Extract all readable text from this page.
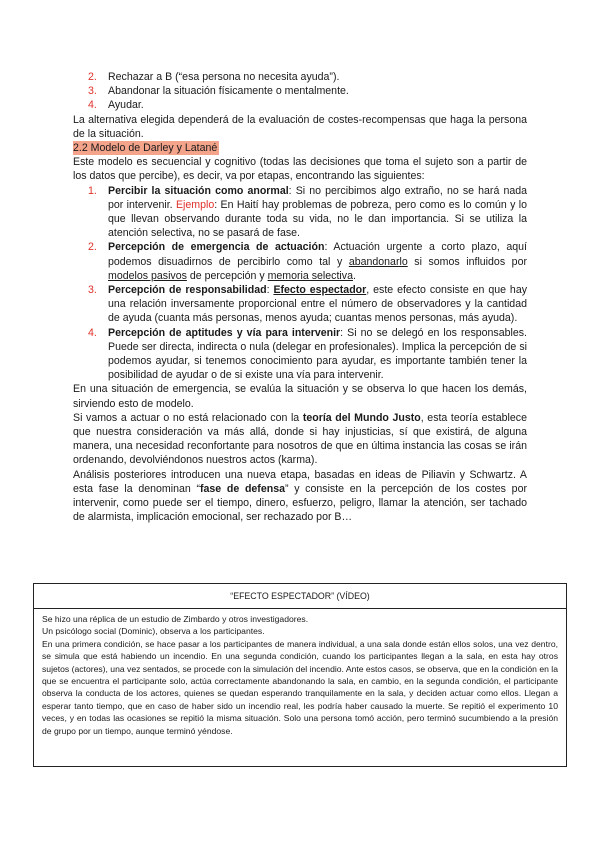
2. Rechazar a B (“esa persona no necesita ayuda”).
3. Abandonar la situación físicamente o mentalmente.
4. Ayudar.
La alternativa elegida dependerá de la evaluación de costes-recompensas que haga la persona de la situación.
2.2 Modelo de Darley y Latané
Este modelo es secuencial y cognitivo (todas las decisiones que toma el sujeto son a partir de los datos que percibe), es decir, va por etapas, encontrando las siguientes:
1. Percibir la situación como anormal: Si no percibimos algo extraño, no se hará nada por intervenir. Ejemplo: En Haití hay problemas de pobreza, pero como es lo común y lo que llevan observando durante toda su vida, no le dan importancia. Si se utiliza la atención selectiva, no se pasará de fase.
2. Percepción de emergencia de actuación: Actuación urgente a corto plazo, aquí podemos disuadirnos de percibirlo como tal y abandonarlo si somos influidos por modelos pasivos de percepción y memoria selectiva.
3. Percepción de responsabilidad: Efecto espectador, este efecto consiste en que hay una relación inversamente proporcional entre el número de observadores y la cantidad de ayuda (cuanta más personas, menos ayuda; cuantas menos personas, más ayuda).
4. Percepción de aptitudes y vía para intervenir: Si no se delegó en los responsables. Puede ser directa, indirecta o nula (delegar en profesionales). Implica la percepción de si podemos ayudar, si tenemos conocimiento para ayudar, es importante también tener la posibilidad de ayudar o de si existe una vía para intervenir.
En una situación de emergencia, se evalúa la situación y se observa lo que hacen los demás, sirviendo esto de modelo.
Si vamos a actuar o no está relacionado con la teoría del Mundo Justo, esta teoría establece que nuestra consideración va más allá, donde si hay injusticias, sí que existirá, de alguna manera, una necesidad reconfortante para nosotros de que en última instancia las cosas se irán ordenando, devolviéndonos nuestros actos (karma).
Análisis posteriores introducen una nueva etapa, basadas en ideas de Piliavin y Schwartz. A esta fase la denominan “fase de defensa” y consiste en la percepción de los costes por intervenir, como puede ser el tiempo, dinero, esfuerzo, peligro, llamar la atención, ser tachado de alarmista, implicación emocional, ser rechazado por B…
“EFECTO ESPECTADOR” (VÍDEO)

Se hizo una réplica de un estudio de Zimbardo y otros investigadores.

Un psicólogo social (Dominic), observa a los participantes.

En una primera condición, se hace pasar a los participantes de manera individual, a una sala donde están ellos solos, una vez dentro, se simula que está habiendo un incendio. En una segunda condición, cuando los participantes llegan a la sala, en esta hay otros sujetos (actores), una vez sentados, se procede con la simulación del incendio. Ante estos casos, se observa, que en la condición en la que se encuentra el participante solo, actúa correctamente abandonando la sala, en cambio, en la segunda condición, el participante observa la conducta de los actores, quienes se quedan esperando tranquilamente en la sala, y deciden actuar como ellos. Llegan a esperar tanto tiempo, que en caso de haber sido un incendio real, les podría haber causado la muerte. Se repitió el experimento 10 veces, y en todas las ocasiones se repitió la misma situación. Solo una persona tomó acción, pero terminó sucumbiendo a la presión de grupo por un tiempo, aunque terminó yéndose.
